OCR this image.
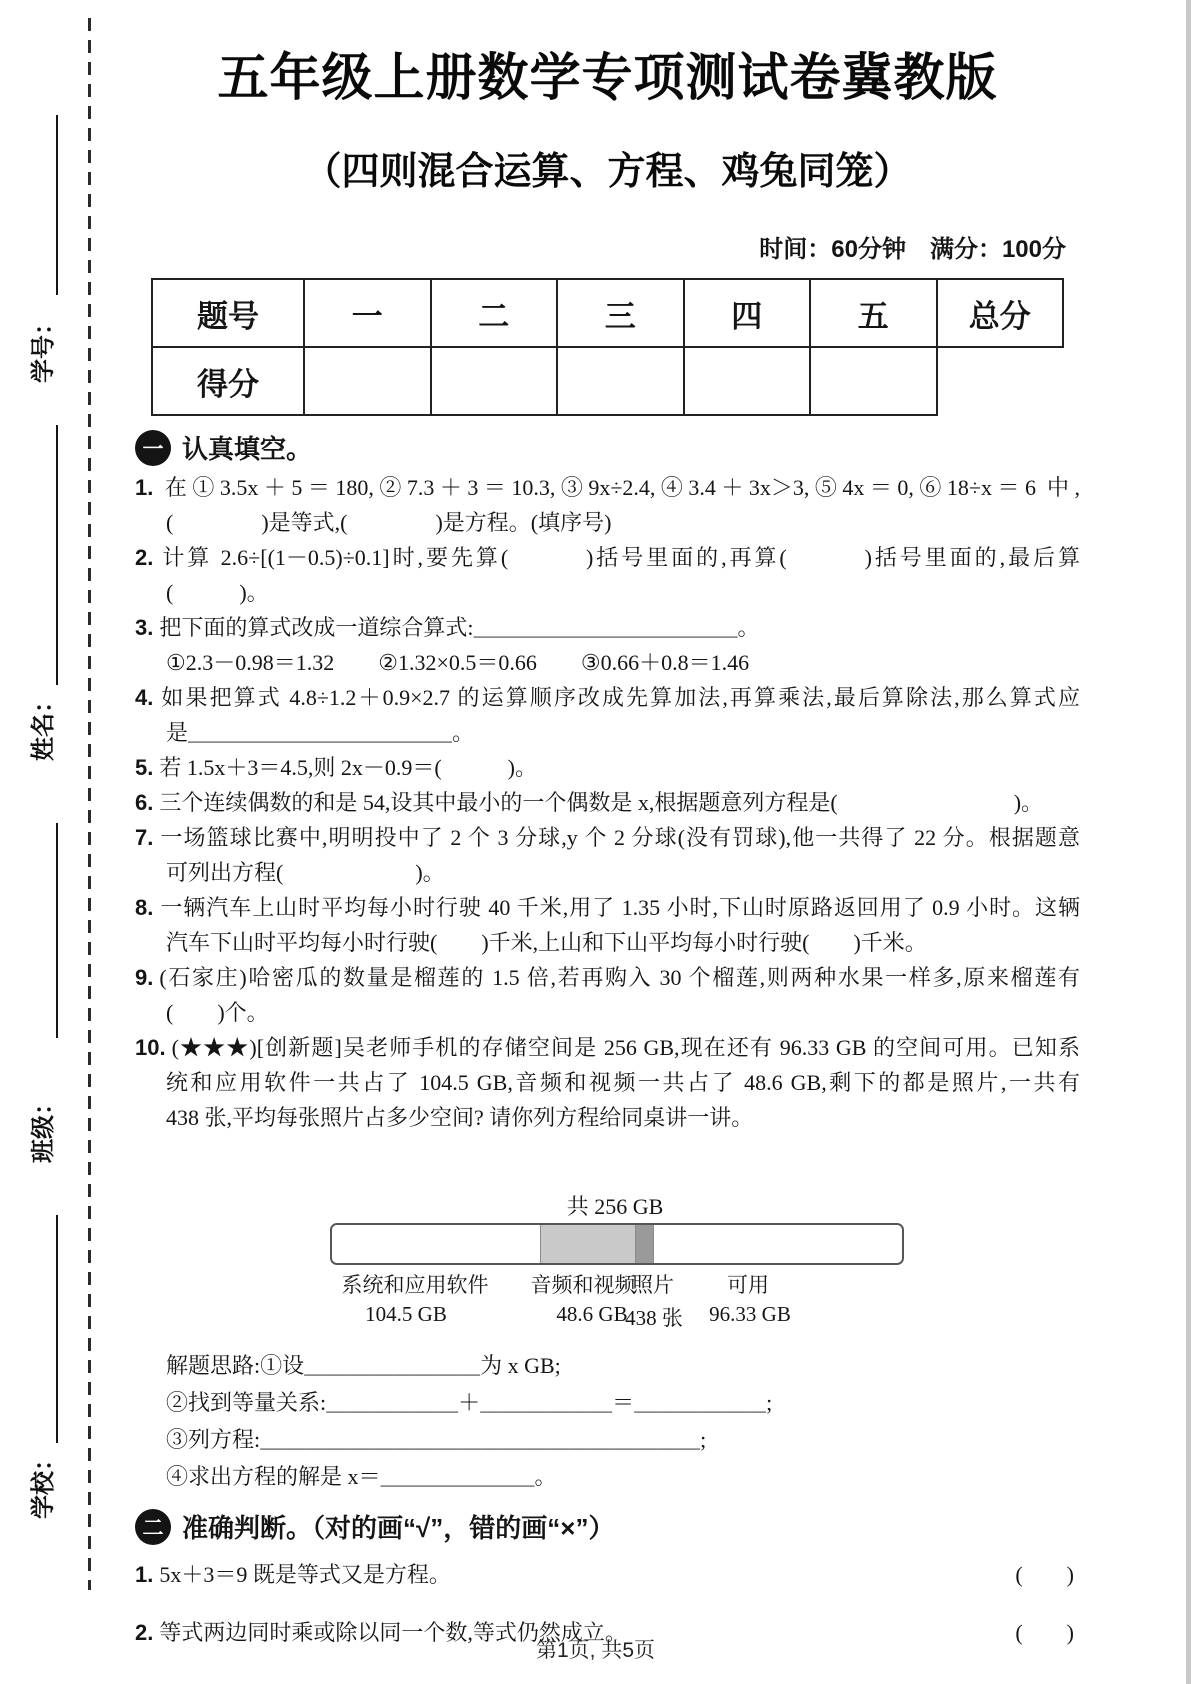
学号：
姓名：
班级：
学校：
五年级上册数学专项测试卷冀教版
（四则混合运算、方程、鸡兔同笼）
时间：60分钟　满分：100分
题号	一	二	三	四	五	总分
得分						
一 认真填空。
1. 在①3.5x＋5＝180,②7.3＋3＝10.3,③9x÷2.4,④3.4＋3x＞3,⑤4x＝0,⑥18÷x＝6 中,
(　　　　)是等式,(　　　　)是方程。(填序号)
2. 计算 2.6÷[(1－0.5)÷0.1]时,要先算(　　　)括号里面的,再算(　　　)括号里面的,最后算
(　　　)。
3. 把下面的算式改成一道综合算式:＿＿＿＿＿＿＿＿＿＿＿＿。
①2.3－0.98＝1.32　　②1.32×0.5＝0.66　　③0.66＋0.8＝1.46
4. 如果把算式 4.8÷1.2＋0.9×2.7 的运算顺序改成先算加法,再算乘法,最后算除法,那么算式应
是＿＿＿＿＿＿＿＿＿＿＿＿。
5. 若 1.5x＋3＝4.5,则 2x－0.9＝(　　　)。
6. 三个连续偶数的和是 54,设其中最小的一个偶数是 x,根据题意列方程是(　　　　　　　　)。
7. 一场篮球比赛中,明明投中了 2 个 3 分球,y 个 2 分球(没有罚球),他一共得了 22 分。根据题意
可列出方程(　　　　　　)。
8. 一辆汽车上山时平均每小时行驶 40 千米,用了 1.35 小时,下山时原路返回用了 0.9 小时。这辆
汽车下山时平均每小时行驶(　　)千米,上山和下山平均每小时行驶(　　)千米。
9. (石家庄)哈密瓜的数量是榴莲的 1.5 倍,若再购入 30 个榴莲,则两种水果一样多,原来榴莲有
(　　)个。
10. (★★★)[创新题]吴老师手机的存储空间是 256 GB,现在还有 96.33 GB 的空间可用。已知系
统和应用软件一共占了 104.5 GB,音频和视频一共占了 48.6 GB,剩下的都是照片,一共有
438 张,平均每张照片占多少空间? 请你列方程给同桌讲一讲。
共 256 GB
系统和应用软件 音频和视频
照片	可用
104.5 GB	48.6 GB
438 张 96.33 GB
解题思路:①设＿＿＿＿＿＿＿＿为 x GB;
②找到等量关系:＿＿＿＿＿＿＋＿＿＿＿＿＿＝＿＿＿＿＿＿;
③列方程:＿＿＿＿＿＿＿＿＿＿＿＿＿＿＿＿＿＿＿＿;
④求出方程的解是 x＝＿＿＿＿＿＿＿。
二 准确判断。（对的画“√”，错的画“×”）
1. 5x＋3＝9 既是等式又是方程。	(　　)
2. 等式两边同时乘或除以同一个数,等式仍然成立。	(　　)
第1页, 共5页
